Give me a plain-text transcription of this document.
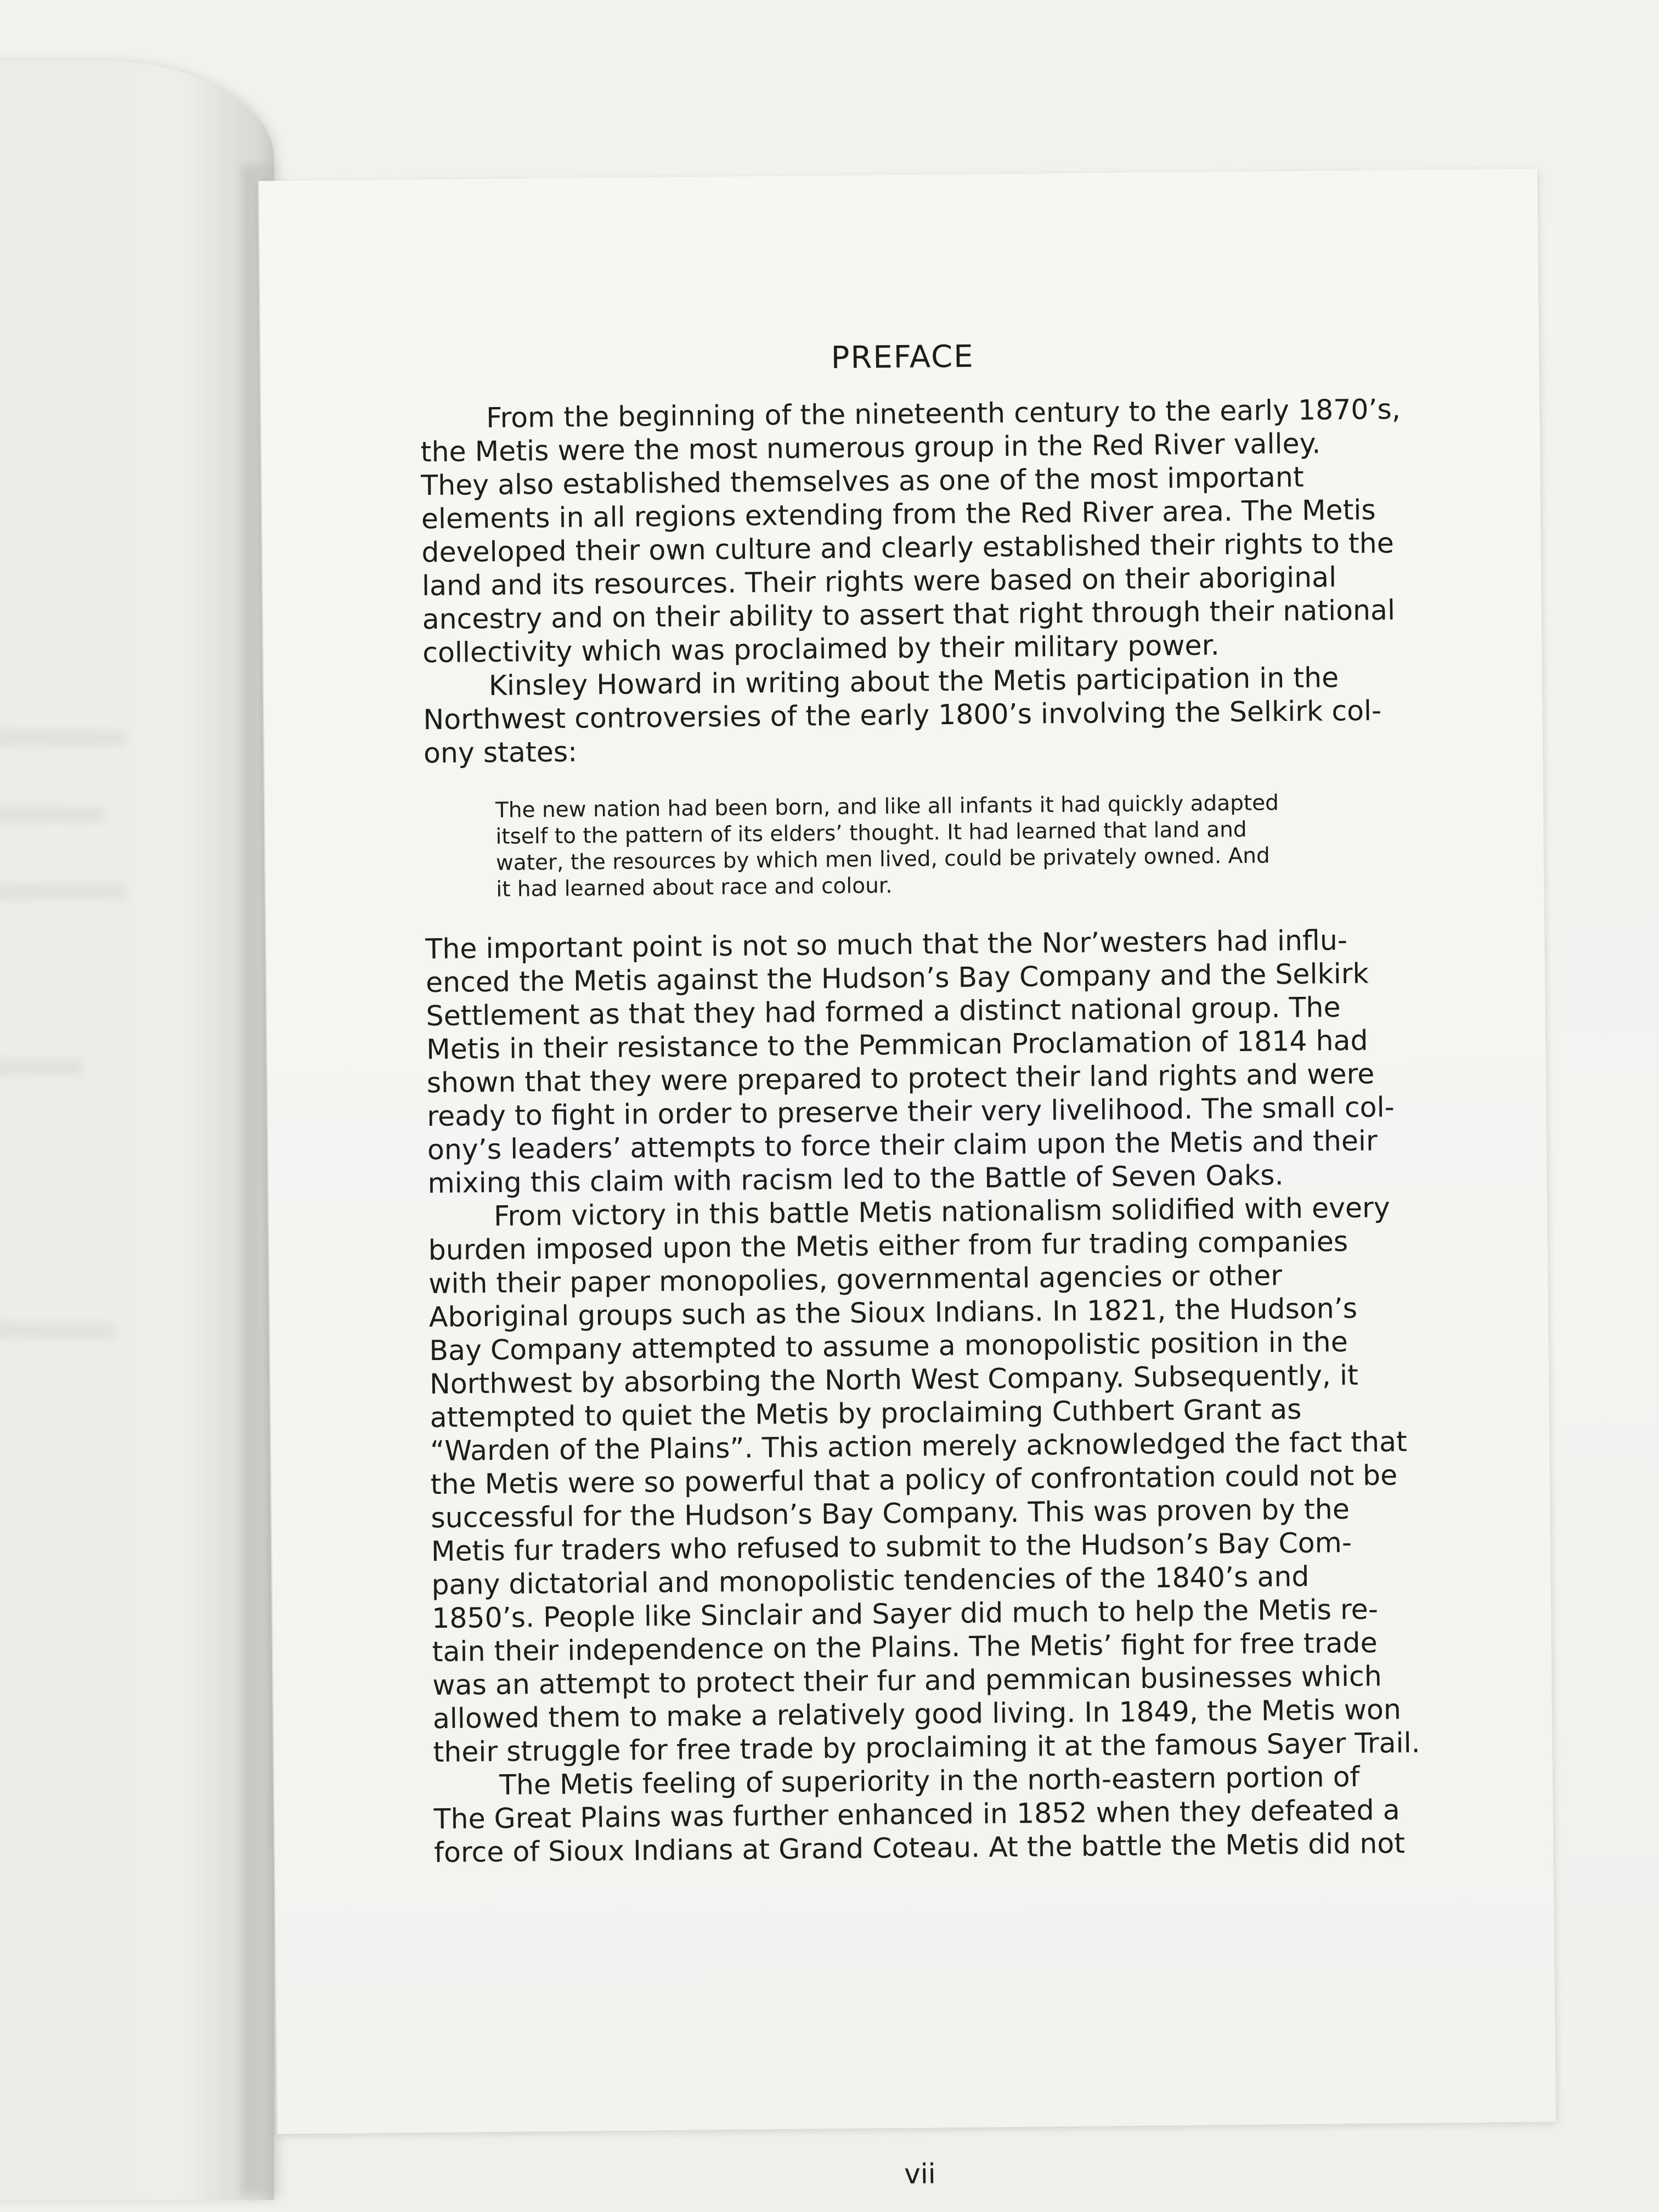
PREFACE
From the beginning of the nineteenth century to the early 1870’s,
the Metis were the most numerous group in the Red River valley.
They also established themselves as one of the most important
elements in all regions extending from the Red River area. The Metis
developed their own culture and clearly established their rights to the
land and its resources. Their rights were based on their aboriginal
ancestry and on their ability to assert that right through their national
collectivity which was proclaimed by their military power.
Kinsley Howard in writing about the Metis participation in the
Northwest controversies of the early 1800’s involving the Selkirk col-
ony states:
The new nation had been born, and like all infants it had quickly adapted
itself to the pattern of its elders’ thought. It had learned that land and
water, the resources by which men lived, could be privately owned. And
it had learned about race and colour.
The important point is not so much that the Nor’westers had influ-
enced the Metis against the Hudson’s Bay Company and the Selkirk
Settlement as that they had formed a distinct national group. The
Metis in their resistance to the Pemmican Proclamation of 1814 had
shown that they were prepared to protect their land rights and were
ready to fight in order to preserve their very livelihood. The small col-
ony’s leaders’ attempts to force their claim upon the Metis and their
mixing this claim with racism led to the Battle of Seven Oaks.
From victory in this battle Metis nationalism solidified with every
burden imposed upon the Metis either from fur trading companies
with their paper monopolies, governmental agencies or other
Aboriginal groups such as the Sioux Indians. In 1821, the Hudson’s
Bay Company attempted to assume a monopolistic position in the
Northwest by absorbing the North West Company. Subsequently, it
attempted to quiet the Metis by proclaiming Cuthbert Grant as
“Warden of the Plains”. This action merely acknowledged the fact that
the Metis were so powerful that a policy of confrontation could not be
successful for the Hudson’s Bay Company. This was proven by the
Metis fur traders who refused to submit to the Hudson’s Bay Com-
pany dictatorial and monopolistic tendencies of the 1840’s and
1850’s. People like Sinclair and Sayer did much to help the Metis re-
tain their independence on the Plains. The Metis’ fight for free trade
was an attempt to protect their fur and pemmican businesses which
allowed them to make a relatively good living. In 1849, the Metis won
their struggle for free trade by proclaiming it at the famous Sayer Trail.
The Metis feeling of superiority in the north-eastern portion of
The Great Plains was further enhanced in 1852 when they defeated a
force of Sioux Indians at Grand Coteau. At the battle the Metis did not
vii
